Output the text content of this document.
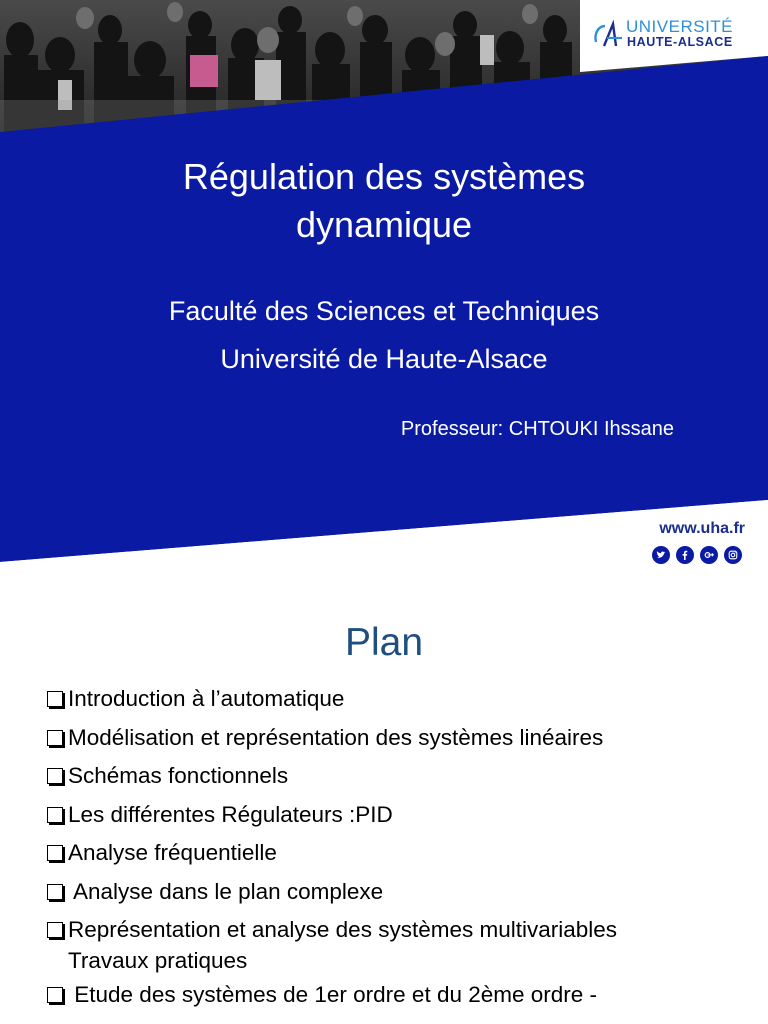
UNIVERSITÉ
HAUTE-ALSACE
Régulation des systèmes
dynamique
Faculté des Sciences et Techniques
Université de Haute-Alsace
Professeur: CHTOUKI Ihssane
www.uha.fr
Plan
Introduction à l’automatique
Modélisation et représentation des systèmes linéaires
Schémas fonctionnels
Les différentes Régulateurs :PID
Analyse fréquentielle
Analyse dans le plan complexe
Représentation et analyse des systèmes multivariables
Travaux pratiques
Etude des systèmes de 1er ordre et du 2ème ordre -
